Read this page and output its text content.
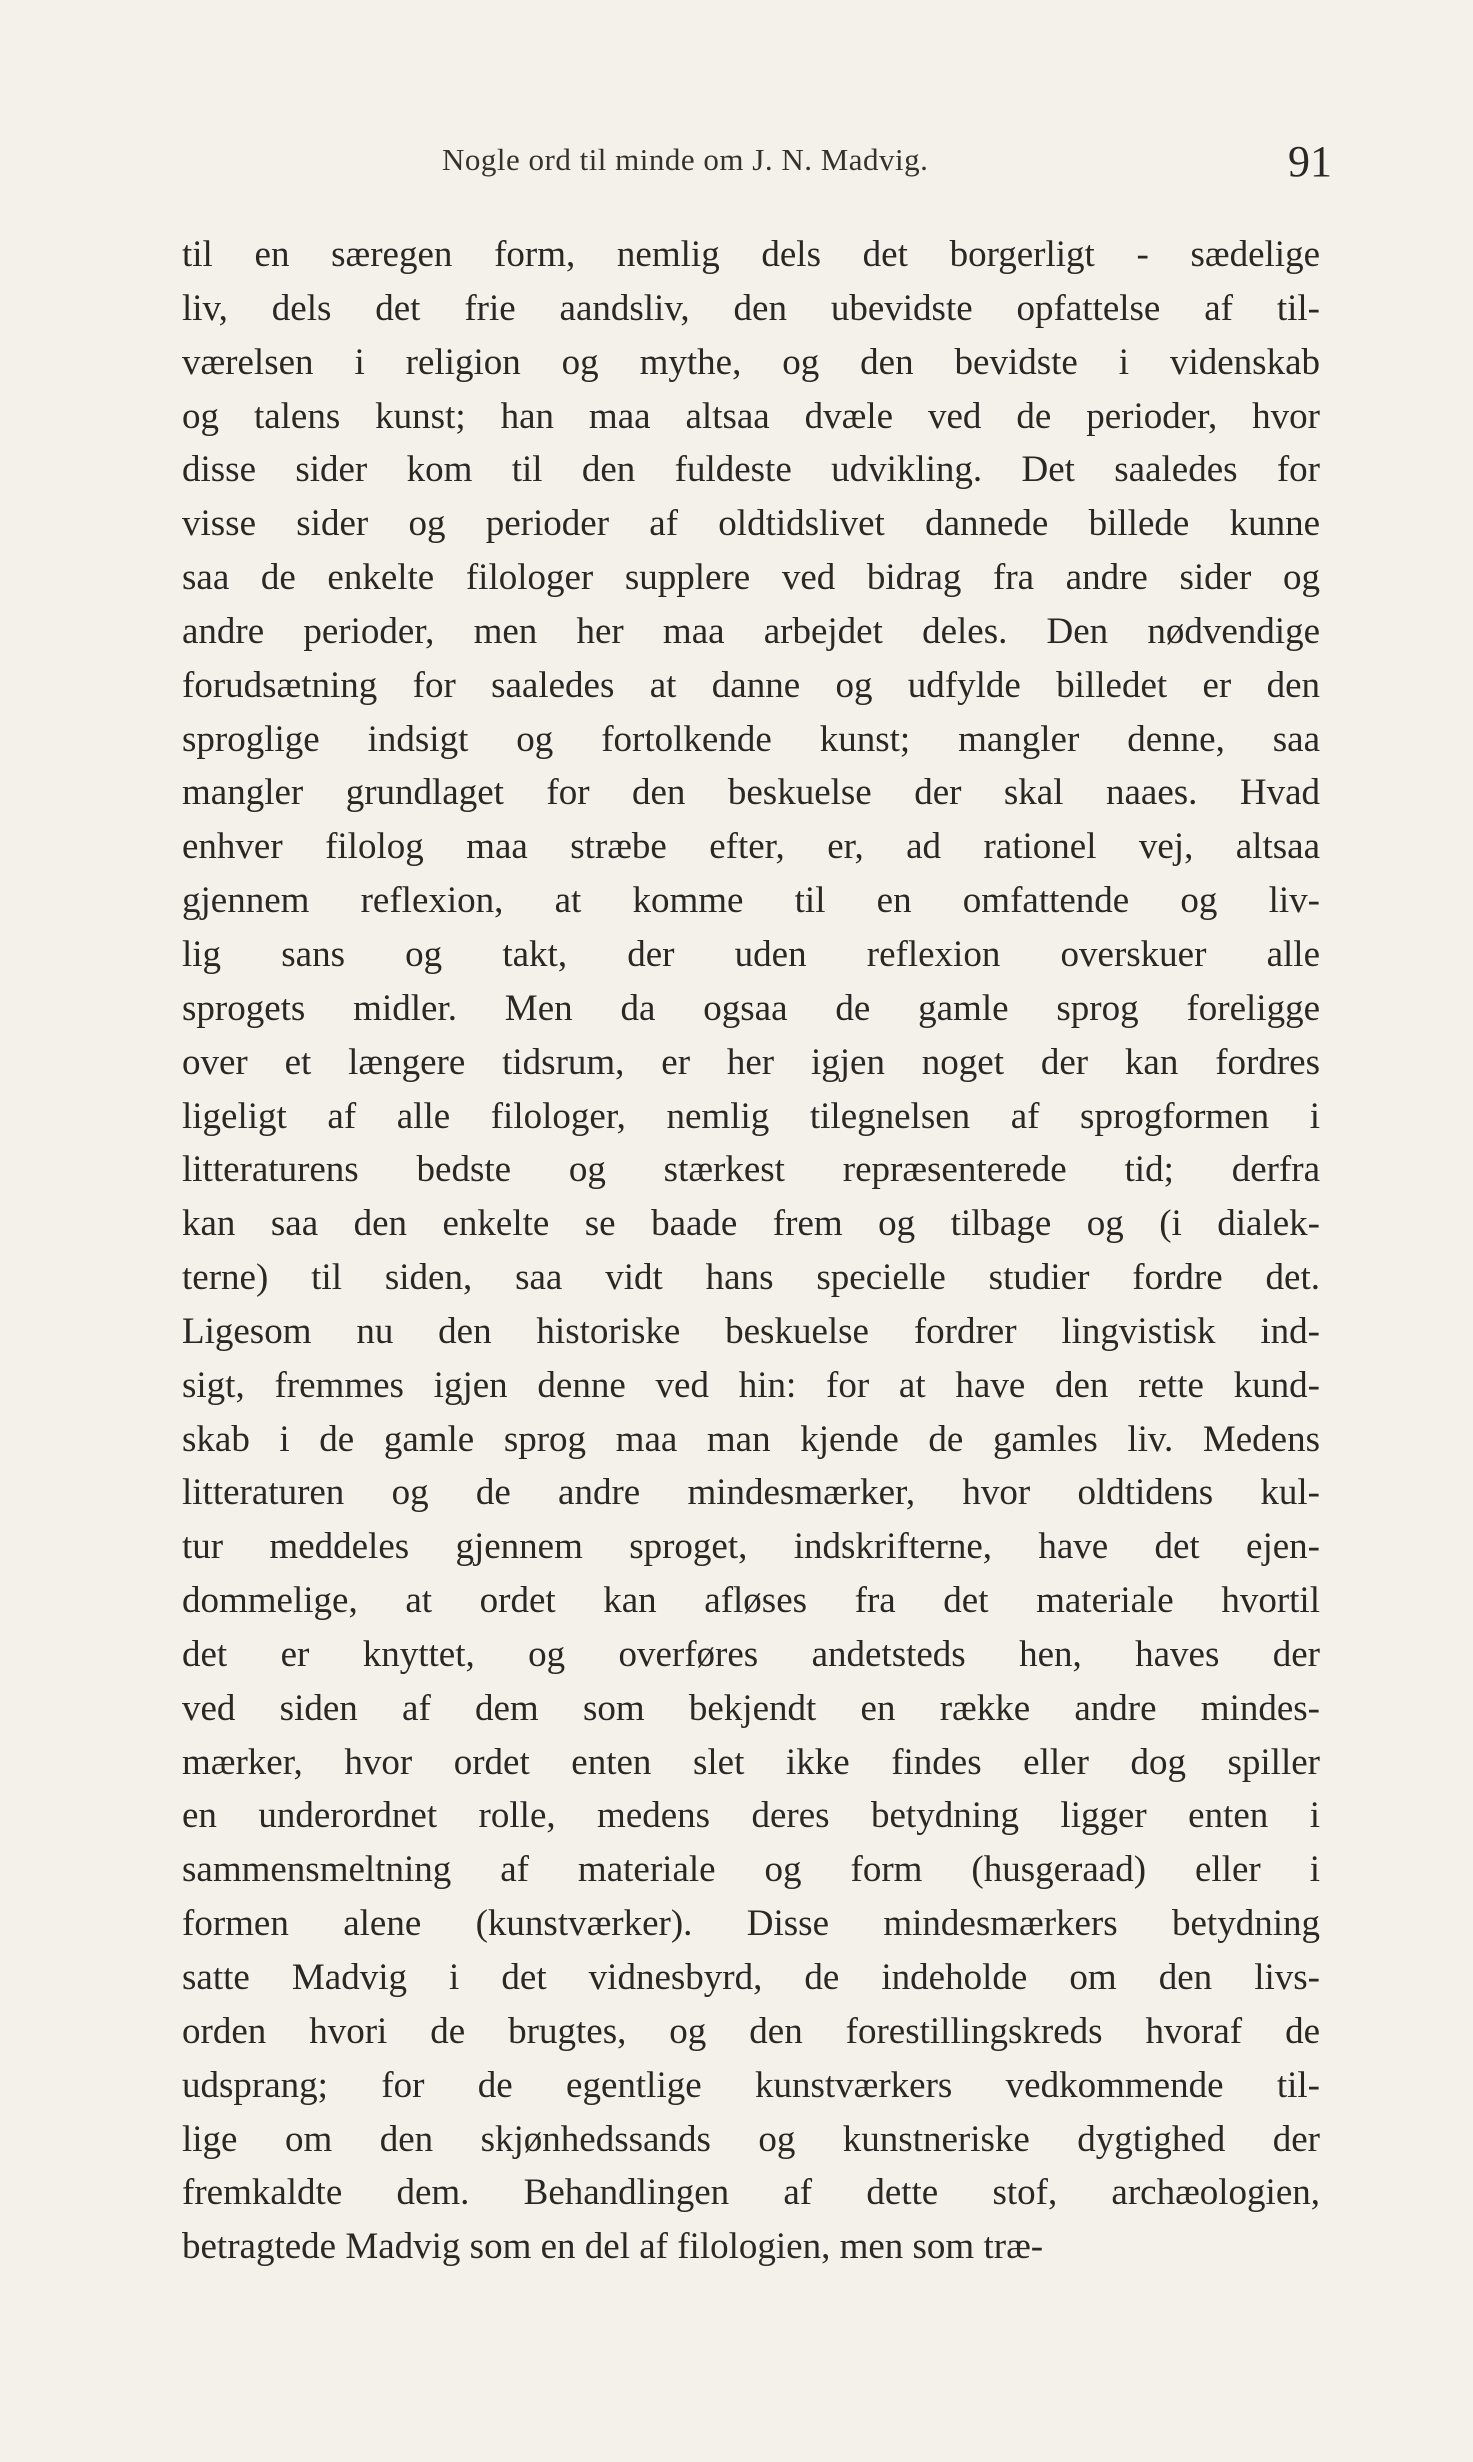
Nogle ord til minde om J. N. Madvig.	91
til en særegen form, nemlig dels det borgerligt - sædelige
liv, dels det frie aandsliv, den ubevidste opfattelse af til-
værelsen i religion og mythe, og den bevidste i videnskab
og talens kunst; han maa altsaa dvæle ved de perioder, hvor
disse sider kom til den fuldeste udvikling. Det saaledes for
visse sider og perioder af oldtidslivet dannede billede kunne
saa de enkelte filologer supplere ved bidrag fra andre sider og
andre perioder, men her maa arbejdet deles. Den nødvendige
forudsætning for saaledes at danne og udfylde billedet er den
sproglige indsigt og fortolkende kunst; mangler denne, saa
mangler grundlaget for den beskuelse der skal naaes. Hvad
enhver filolog maa stræbe efter, er, ad rationel vej, altsaa
gjennem reflexion, at komme til en omfattende og liv-
lig sans og takt, der uden reflexion overskuer alle
sprogets midler. Men da ogsaa de gamle sprog foreligge
over et længere tidsrum, er her igjen noget der kan fordres
ligeligt af alle filologer, nemlig tilegnelsen af sprogformen i
litteraturens bedste og stærkest repræsenterede tid; derfra
kan saa den enkelte se baade frem og tilbage og (i dialek-
terne) til siden, saa vidt hans specielle studier fordre det.
Ligesom nu den historiske beskuelse fordrer lingvistisk ind-
sigt, fremmes igjen denne ved hin: for at have den rette kund-
skab i de gamle sprog maa man kjende de gamles liv. Medens
litteraturen og de andre mindesmærker, hvor oldtidens kul-
tur meddeles gjennem sproget, indskrifterne, have det ejen-
dommelige, at ordet kan afløses fra det materiale hvortil
det er knyttet, og overføres andetsteds hen, haves der
ved siden af dem som bekjendt en række andre mindes-
mærker, hvor ordet enten slet ikke findes eller dog spiller
en underordnet rolle, medens deres betydning ligger enten i
sammensmeltning af materiale og form (husgeraad) eller i
formen alene (kunstværker). Disse mindesmærkers betydning
satte Madvig i det vidnesbyrd, de indeholde om den livs-
orden hvori de brugtes, og den forestillingskreds hvoraf de
udsprang; for de egentlige kunstværkers vedkommende til-
lige om den skjønhedssands og kunstneriske dygtighed der
fremkaldte dem. Behandlingen af dette stof, archæologien,
betragtede Madvig som en del af filologien, men som træ-
